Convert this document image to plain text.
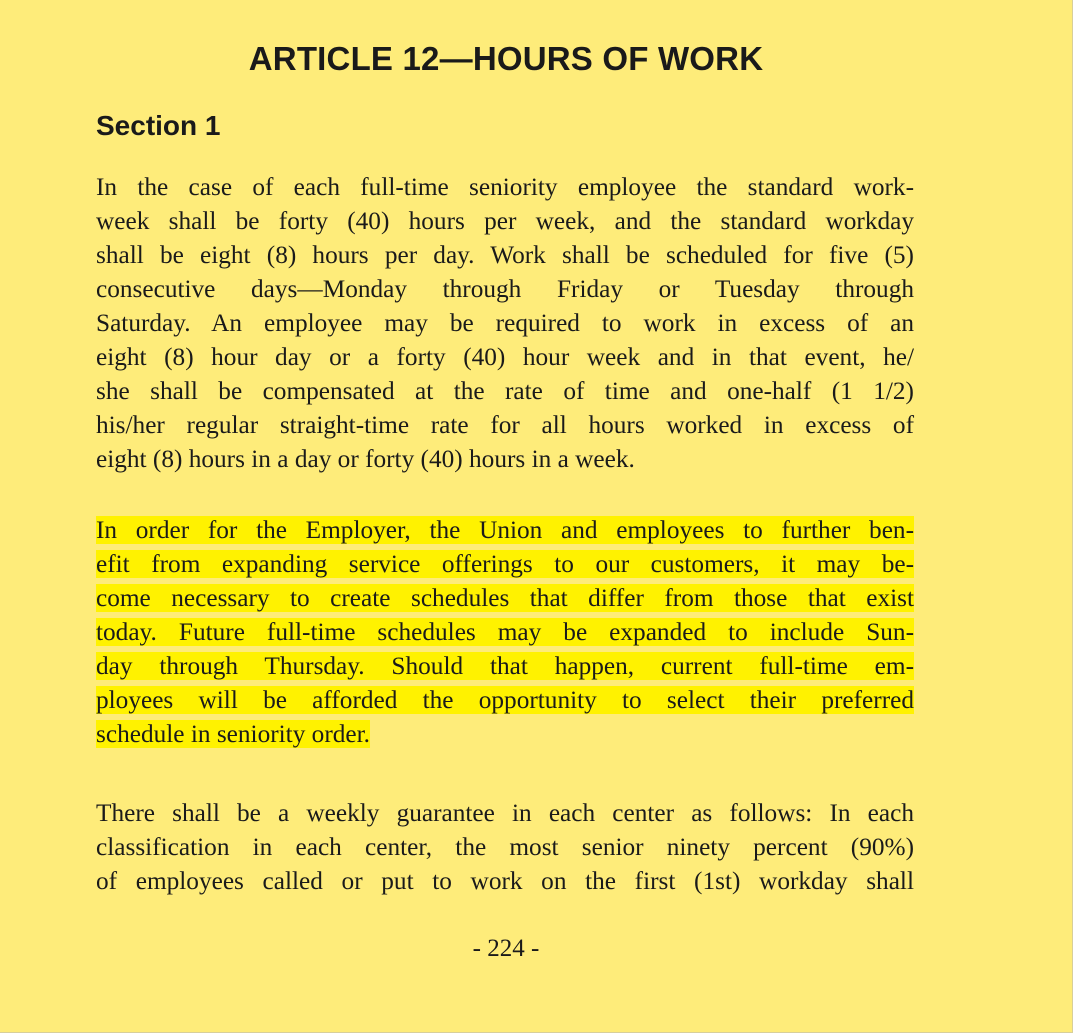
ARTICLE 12—HOURS OF WORK
Section 1

In the case of each full-time seniority employee the standard work-
week shall be forty (40) hours per week, and the standard workday
shall be eight (8) hours per day. Work shall be scheduled for five (5)
consecutive days—Monday through Friday or Tuesday through
Saturday. An employee may be required to work in excess of an
eight (8) hour day or a forty (40) hour week and in that event, he/
she shall be compensated at the rate of time and one-half (1 1/2)
his/her regular straight-time rate for all hours worked in excess of
eight (8) hours in a day or forty (40) hours in a week.

In order for the Employer, the Union and employees to further ben-
efit from expanding service offerings to our customers, it may be-
come necessary to create schedules that differ from those that exist
today. Future full-time schedules may be expanded to include Sun-
day through Thursday. Should that happen, current full-time em-
ployees will be afforded the opportunity to select their preferred
schedule in seniority order.

There shall be a weekly guarantee in each center as follows: In each
classification in each center, the most senior ninety percent (90%)
of employees called or put to work on the first (1st) workday shall

- 224 -
